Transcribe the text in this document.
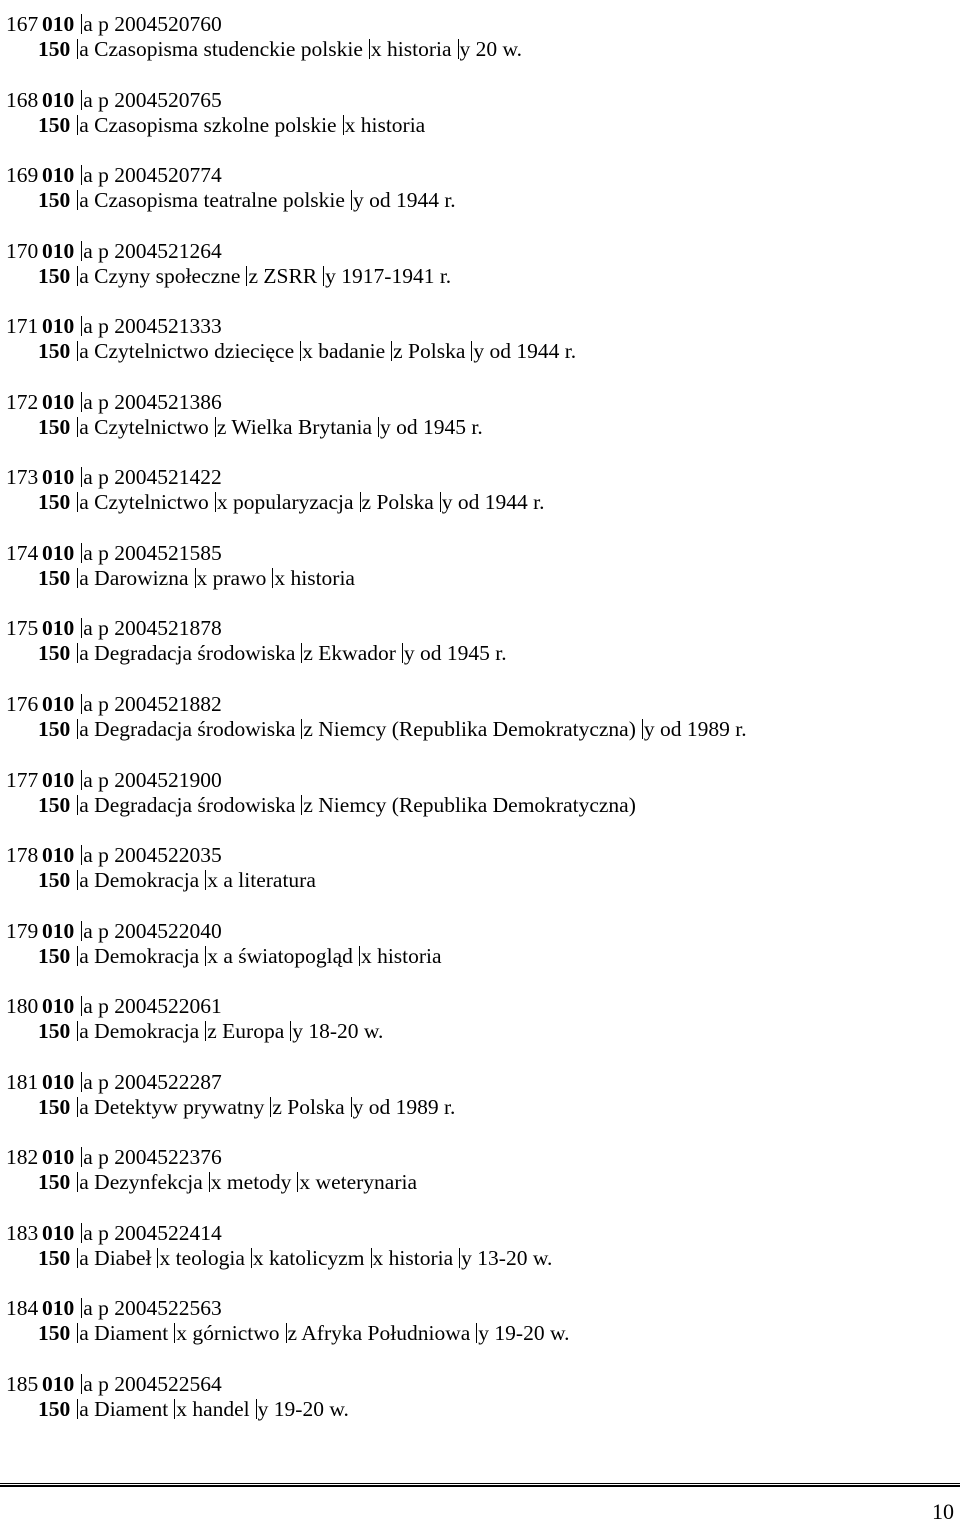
167 010 a p 2004520760
150 a Czasopisma studenckie polskie x historia y 20 w.
168 010 a p 2004520765
150 a Czasopisma szkolne polskie x historia
169 010 a p 2004520774
150 a Czasopisma teatralne polskie y od 1944 r.
170 010 a p 2004521264
150 a Czyny społeczne z ZSRR y 1917-1941 r.
171 010 a p 2004521333
150 a Czytelnictwo dziecięce x badanie z Polska y od 1944 r.
172 010 a p 2004521386
150 a Czytelnictwo z Wielka Brytania y od 1945 r.
173 010 a p 2004521422
150 a Czytelnictwo x popularyzacja z Polska y od 1944 r.
174 010 a p 2004521585
150 a Darowizna x prawo x historia
175 010 a p 2004521878
150 a Degradacja środowiska z Ekwador y od 1945 r.
176 010 a p 2004521882
150 a Degradacja środowiska z Niemcy (Republika Demokratyczna) y od 1989 r.
177 010 a p 2004521900
150 a Degradacja środowiska z Niemcy (Republika Demokratyczna)
178 010 a p 2004522035
150 a Demokracja x a literatura
179 010 a p 2004522040
150 a Demokracja x a światopogląd x historia
180 010 a p 2004522061
150 a Demokracja z Europa y 18-20 w.
181 010 a p 2004522287
150 a Detektyw prywatny z Polska y od 1989 r.
182 010 a p 2004522376
150 a Dezynfekcja x metody x weterynaria
183 010 a p 2004522414
150 a Diabeł x teologia x katolicyzm x historia y 13-20 w.
184 010 a p 2004522563
150 a Diament x górnictwo z Afryka Południowa y 19-20 w.
185 010 a p 2004522564
150 a Diament x handel y 19-20 w.
10
